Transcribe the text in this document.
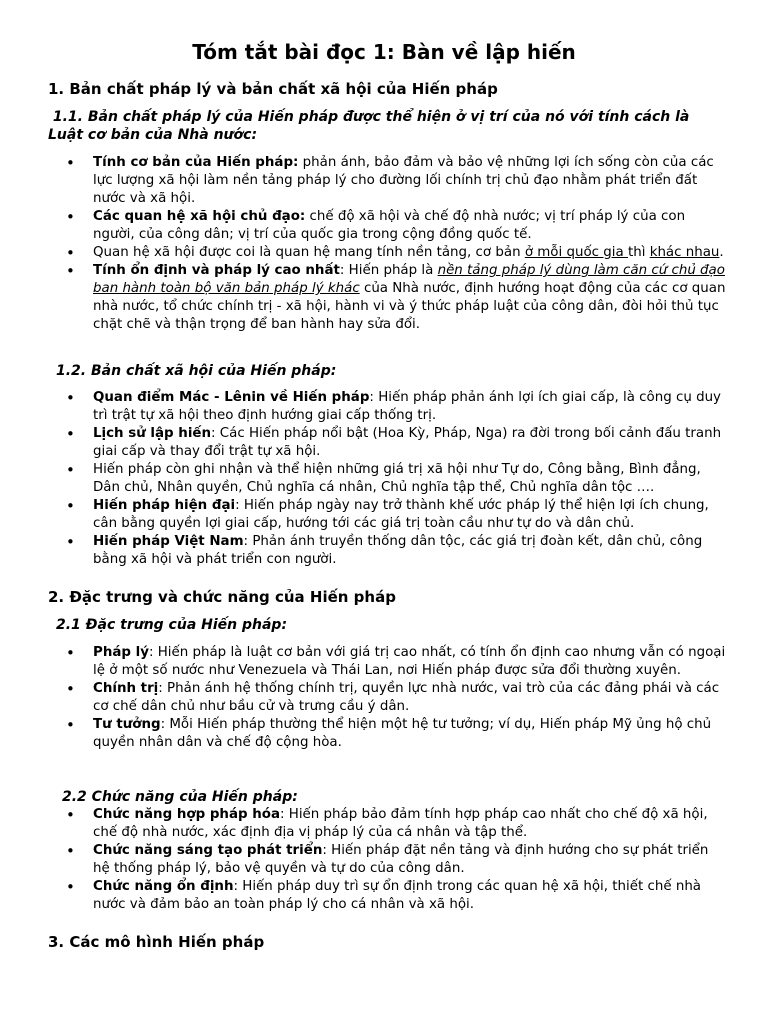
Tóm tắt bài đọc 1: Bàn về lập hiến
1. Bản chất pháp lý và bản chất xã hội của Hiến pháp
1.1. Bản chất pháp lý của Hiến pháp được thể hiện ở vị trí của nó với tính cách là Luật cơ bản của Nhà nước:
• Tính cơ bản của Hiến pháp: phản ánh, bảo đảm và bảo vệ những lợi ích sống còn của các lực lượng xã hội làm nền tảng pháp lý cho đường lối chính trị chủ đạo nhằm phát triển đất nước và xã hội.
• Các quan hệ xã hội chủ đạo: chế độ xã hội và chế độ nhà nước; vị trí pháp lý của con người, của công dân; vị trí của quốc gia trong cộng đồng quốc tế.
• Quan hệ xã hội được coi là quan hệ mang tính nền tảng, cơ bản ở mỗi quốc gia thì khác nhau.
• Tính ổn định và pháp lý cao nhất: Hiến pháp là nền tảng pháp lý dùng làm căn cứ chủ đạo ban hành toàn bộ văn bản pháp lý khác của Nhà nước, định hướng hoạt động của các cơ quan nhà nước, tổ chức chính trị - xã hội, hành vi và ý thức pháp luật của công dân, đòi hỏi thủ tục chặt chẽ và thận trọng để ban hành hay sửa đổi.
1.2. Bản chất xã hội của Hiến pháp:
• Quan điểm Mác - Lênin về Hiến pháp: Hiến pháp phản ánh lợi ích giai cấp, là công cụ duy trì trật tự xã hội theo định hướng giai cấp thống trị.
• Lịch sử lập hiến: Các Hiến pháp nổi bật (Hoa Kỳ, Pháp, Nga) ra đời trong bối cảnh đấu tranh giai cấp và thay đổi trật tự xã hội.
• Hiến pháp còn ghi nhận và thể hiện những giá trị xã hội như Tự do, Công bằng, Bình đẳng, Dân chủ, Nhân quyền, Chủ nghĩa cá nhân, Chủ nghĩa tập thể, Chủ nghĩa dân tộc ….
• Hiến pháp hiện đại: Hiến pháp ngày nay trở thành khế ước pháp lý thể hiện lợi ích chung, cân bằng quyền lợi giai cấp, hướng tới các giá trị toàn cầu như tự do và dân chủ.
• Hiến pháp Việt Nam: Phản ánh truyền thống dân tộc, các giá trị đoàn kết, dân chủ, công bằng xã hội và phát triển con người.
2. Đặc trưng và chức năng của Hiến pháp
2.1 Đặc trưng của Hiến pháp:
• Pháp lý: Hiến pháp là luật cơ bản với giá trị cao nhất, có tính ổn định cao nhưng vẫn có ngoại lệ ở một số nước như Venezuela và Thái Lan, nơi Hiến pháp được sửa đổi thường xuyên.
• Chính trị: Phản ánh hệ thống chính trị, quyền lực nhà nước, vai trò của các đảng phái và các cơ chế dân chủ như bầu cử và trưng cầu ý dân.
• Tư tưởng: Mỗi Hiến pháp thường thể hiện một hệ tư tưởng; ví dụ, Hiến pháp Mỹ ủng hộ chủ quyền nhân dân và chế độ cộng hòa.
2.2 Chức năng của Hiến pháp:
• Chức năng hợp pháp hóa: Hiến pháp bảo đảm tính hợp pháp cao nhất cho chế độ xã hội, chế độ nhà nước, xác định địa vị pháp lý của cá nhân và tập thể.
• Chức năng sáng tạo phát triển: Hiến pháp đặt nền tảng và định hướng cho sự phát triển hệ thống pháp lý, bảo vệ quyền và tự do của công dân.
• Chức năng ổn định: Hiến pháp duy trì sự ổn định trong các quan hệ xã hội, thiết chế nhà nước và đảm bảo an toàn pháp lý cho cá nhân và xã hội.
3. Các mô hình Hiến pháp
